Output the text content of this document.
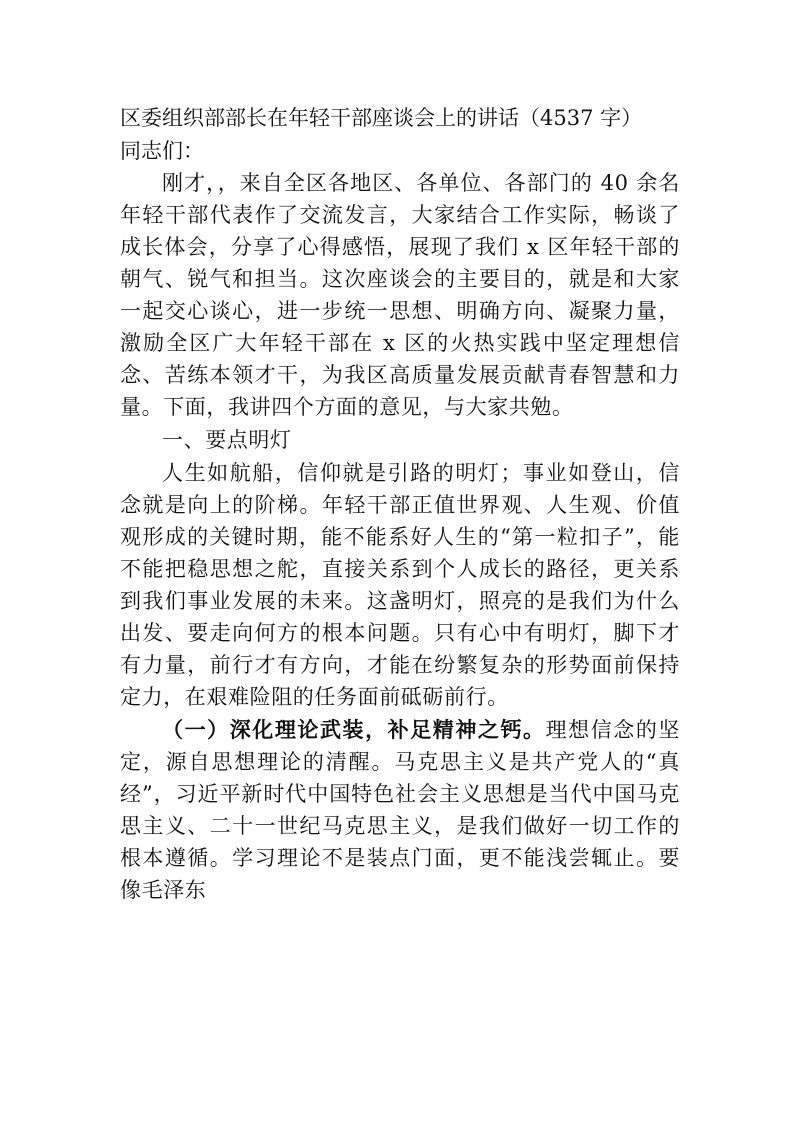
区委组织部部长在年轻干部座谈会上的讲话（4537 字）

同志们：

刚才，，来自全区各地区、各单位、各部门的 40 余名年轻干部代表作了交流发言，大家结合工作实际，畅谈了成长体会，分享了心得感悟，展现了我们 x 区年轻干部的朝气、锐气和担当。这次座谈会的主要目的，就是和大家一起交心谈心，进一步统一思想、明确方向、凝聚力量，激励全区广大年轻干部在 x 区的火热实践中坚定理想信念、苦练本领才干，为我区高质量发展贡献青春智慧和力量。下面，我讲四个方面的意见，与大家共勉。

一、要点明灯

人生如航船，信仰就是引路的明灯；事业如登山，信念就是向上的阶梯。年轻干部正值世界观、人生观、价值观形成的关键时期，能不能系好人生的“第一粒扣子”，能不能把稳思想之舵，直接关系到个人成长的路径，更关系到我们事业发展的未来。这盏明灯，照亮的是我们为什么出发、要走向何方的根本问题。只有心中有明灯，脚下才有力量，前行才有方向，才能在纷繁复杂的形势面前保持定力，在艰难险阻的任务面前砥砺前行。

（一）深化理论武装，补足精神之钙。理想信念的坚定，源自思想理论的清醒。马克思主义是共产党人的“真经”，习近平新时代中国特色社会主义思想是当代中国马克思主义、二十一世纪马克思主义，是我们做好一切工作的根本遵循。学习理论不是装点门面，更不能浅尝辄止。要像毛泽东
